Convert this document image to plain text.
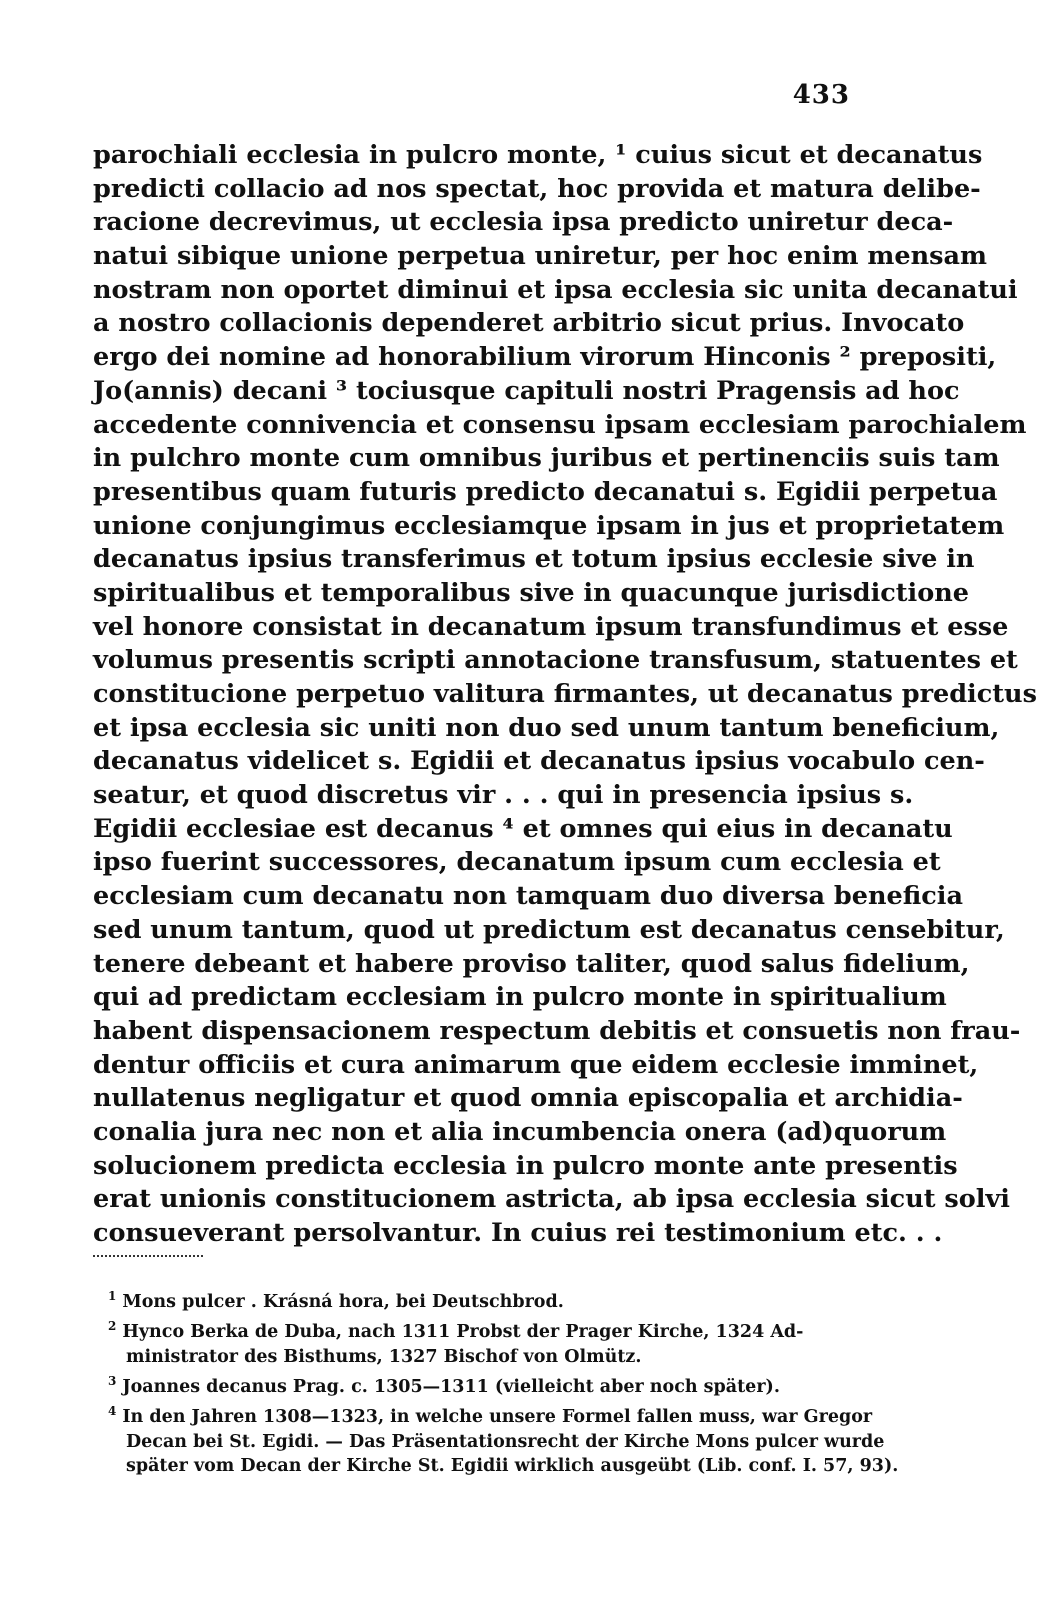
433
parochiali ecclesia in pulcro monte, ¹ cuius sicut et decanatus
predicti collacio ad nos spectat, hoc provida et matura delibe-
racione decrevimus, ut ecclesia ipsa predicto uniretur deca-
natui sibique unione perpetua uniretur, per hoc enim mensam
nostram non oportet diminui et ipsa ecclesia sic unita decanatui
a nostro collacionis dependeret arbitrio sicut prius. Invocato
ergo dei nomine ad honorabilium virorum Hinconis ² prepositi,
Jo(annis) decani ³ tociusque capituli nostri Pragensis ad hoc
accedente connivencia et consensu ipsam ecclesiam parochialem
in pulchro monte cum omnibus juribus et pertinenciis suis tam
presentibus quam futuris predicto decanatui s. Egidii perpetua
unione conjungimus ecclesiamque ipsam in jus et proprietatem
decanatus ipsius transferimus et totum ipsius ecclesie sive in
spiritualibus et temporalibus sive in quacunque jurisdictione
vel honore consistat in decanatum ipsum transfundimus et esse
volumus presentis scripti annotacione transfusum, statuentes et
constitucione perpetuo valitura firmantes, ut decanatus predictus
et ipsa ecclesia sic uniti non duo sed unum tantum beneficium,
decanatus videlicet s. Egidii et decanatus ipsius vocabulo cen-
seatur, et quod discretus vir . . . qui in presencia ipsius s.
Egidii ecclesiae est decanus ⁴ et omnes qui eius in decanatu
ipso fuerint successores, decanatum ipsum cum ecclesia et
ecclesiam cum decanatu non tamquam duo diversa beneficia
sed unum tantum, quod ut predictum est decanatus censebitur,
tenere debeant et habere proviso taliter, quod salus fidelium,
qui ad predictam ecclesiam in pulcro monte in spiritualium
habent dispensacionem respectum debitis et consuetis non frau-
dentur officiis et cura animarum que eidem ecclesie imminet,
nullatenus negligatur et quod omnia episcopalia et archidia-
conalia jura nec non et alia incumbencia onera (ad)quorum
solucionem predicta ecclesia in pulcro monte ante presentis
erat unionis constitucionem astricta, ab ipsa ecclesia sicut solvi
consueverant persolvantur. In cuius rei testimonium etc. . .
$^1$ Mons pulcer . Krásná hora, bei Deutschbrod.
$^2$ Hynco Berka de Duba, nach 1311 Probst der Prager Kirche, 1324 Ad-
ministrator des Bisthums, 1327 Bischof von Olmütz.
$^3$ Joannes decanus Prag. c. 1305—1311 (vielleicht aber noch später).
$^4$ In den Jahren 1308—1323, in welche unsere Formel fallen muss, war Gregor
Decan bei St. Egidi. — Das Präsentationsrecht der Kirche Mons pulcer wurde
später vom Decan der Kirche St. Egidii wirklich ausgeübt (Lib. conf. I. 57, 93).
